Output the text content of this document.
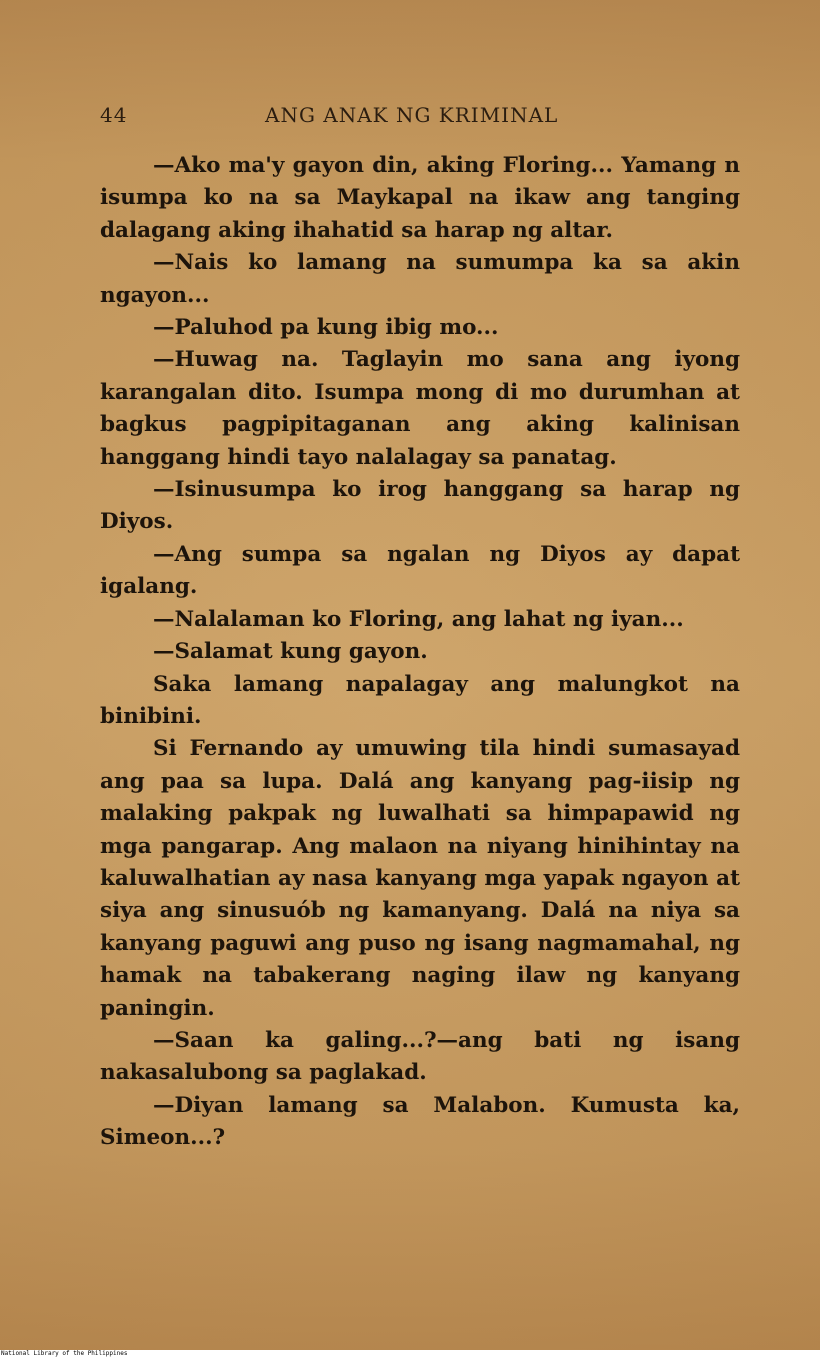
44	ANG ANAK NG KRIMINAL

—Ako ma'y gayon din, aking Floring... Yamang n isumpa ko na sa Maykapal na ikaw ang tanging dalagang aking ihahatid sa harap ng altar.

—Nais ko lamang na sumumpa ka sa akin ngayon...

—Paluhod pa kung ibig mo...

—Huwag na. Taglayin mo sana ang iyong karangalan dito. Isumpa mong di mo durumhan at bagkus pagpipitaganan ang aking kalinisan hanggang hindi tayo nalalagay sa panatag.

—Isinusumpa ko irog hanggang sa harap ng Diyos.

—Ang sumpa sa ngalan ng Diyos ay dapat igalang.

—Nalalaman ko Floring, ang lahat ng iyan...

—Salamat kung gayon.

Saka lamang napalagay ang malungkot na binibini.

Si Fernando ay umuwing tila hindi sumasayad ang paa sa lupa. Dalá ang kanyang pag-iisip ng malaking pakpak ng luwalhati sa himpapawid ng mga pangarap. Ang malaon na niyang hinihintay na kaluwalhatian ay nasa kanyang mga yapak ngayon at siya ang sinusuób ng kamanyang. Dalá na niya sa kanyang paguwi ang puso ng isang nagmamahal, ng hamak na tabakerang naging ilaw ng kanyang paningin.

—Saan ka galing...?—ang bati ng isang nakasalubong sa paglakad.

—Diyan lamang sa Malabon. Kumusta ka, Simeon...?

National Library of the Philippines
